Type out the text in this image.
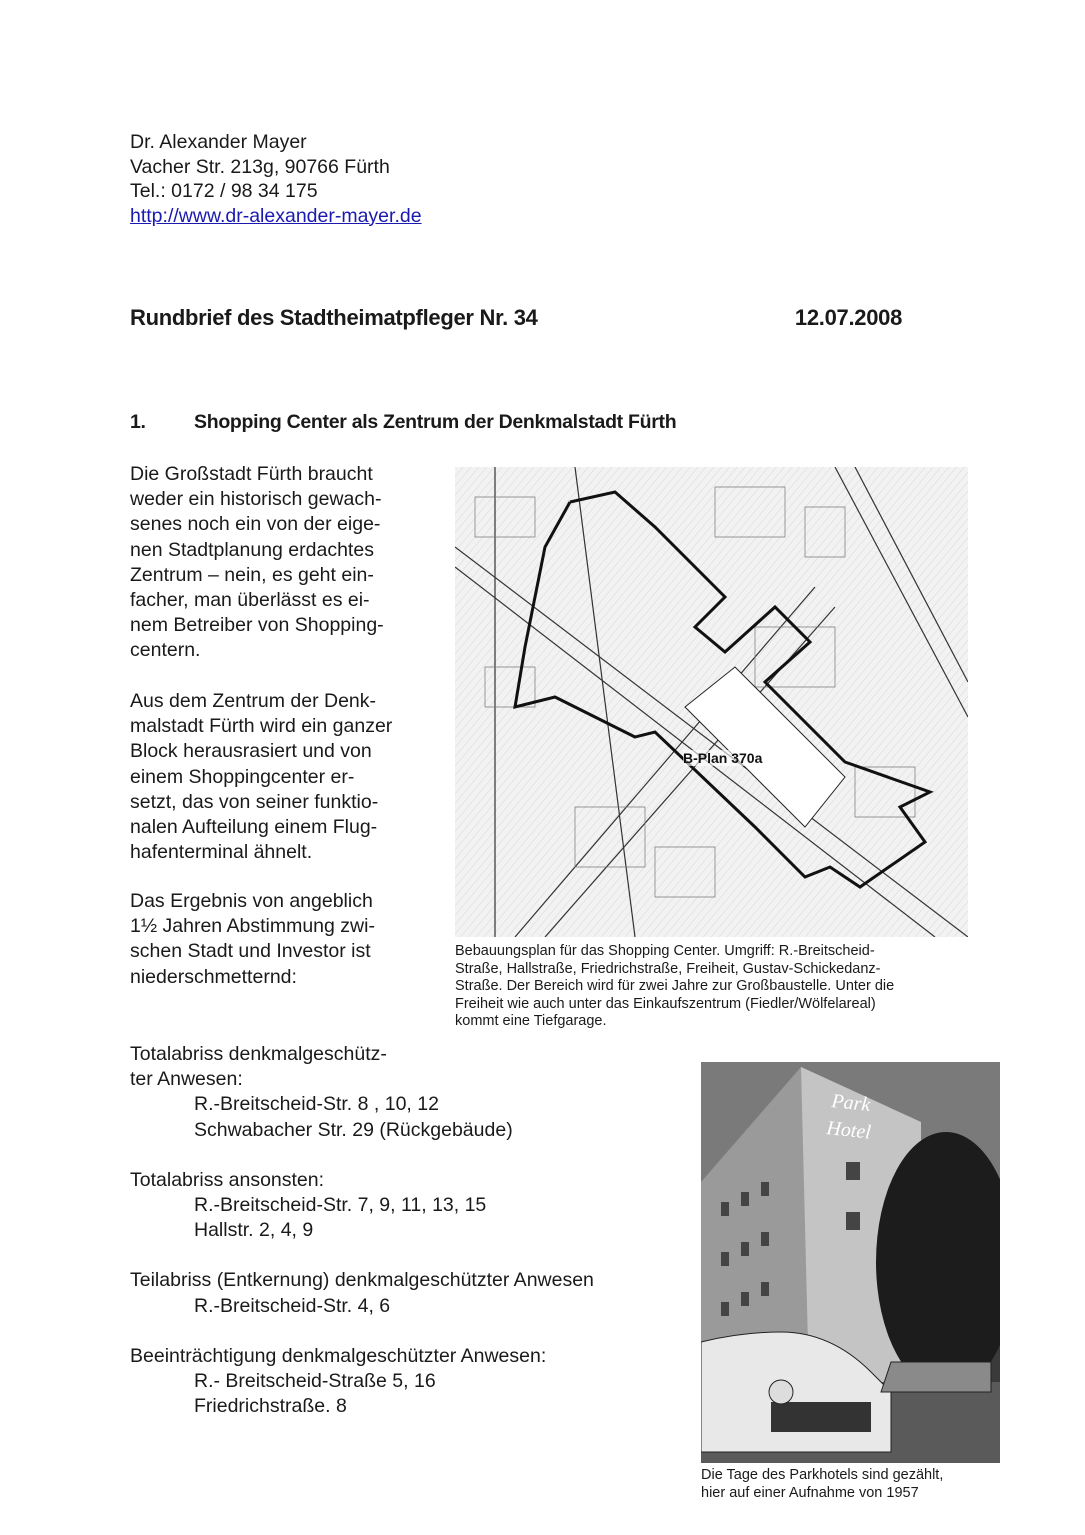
Dr. Alexander Mayer
Vacher Str. 213g, 90766 Fürth
Tel.: 0172 / 98 34 175
http://www.dr-alexander-mayer.de
Rundbrief des Stadtheimatpfleger Nr. 34	12.07.2008
1. Shopping Center als Zentrum der Denkmalstadt Fürth
Die Großstadt Fürth braucht
weder ein historisch gewach-
senes noch ein von der eige-
nen Stadtplanung erdachtes
Zentrum – nein, es geht ein-
facher, man überlässt es ei-
nem Betreiber von Shopping-
centern.
Aus dem Zentrum der Denk-
malstadt Fürth wird ein ganzer
Block herausrasiert und von
einem Shoppingcenter er-
setzt, das von seiner funktio-
nalen Aufteilung einem Flug-
hafenterminal ähnelt.
Das Ergebnis von angeblich
1½ Jahren Abstimmung zwi-
schen Stadt und Investor ist
niederschmetternd:
B-Plan 370a
Bebauungsplan für das Shopping Center. Umgriff: R.-Breitscheid-
Straße, Hallstraße, Friedrichstraße, Freiheit, Gustav-Schickedanz-
Straße. Der Bereich wird für zwei Jahre zur Großbaustelle. Unter die
Freiheit wie auch unter das Einkaufszentrum (Fiedler/Wölfelareal)
kommt eine Tiefgarage.
Park
Hotel
Die Tage des Parkhotels sind gezählt,
hier auf einer Aufnahme von 1957
Totalabriss denkmalgeschütz-
ter Anwesen:
R.-Breitscheid-Str. 8 , 10, 12
Schwabacher Str. 29 (Rückgebäude)
Totalabriss ansonsten:
R.-Breitscheid-Str. 7, 9, 11, 13, 15
Hallstr. 2, 4, 9
Teilabriss (Entkernung) denkmalgeschützter Anwesen
R.-Breitscheid-Str. 4, 6
Beeinträchtigung denkmalgeschützter Anwesen:
R.- Breitscheid-Straße 5, 16
Friedrichstraße. 8
